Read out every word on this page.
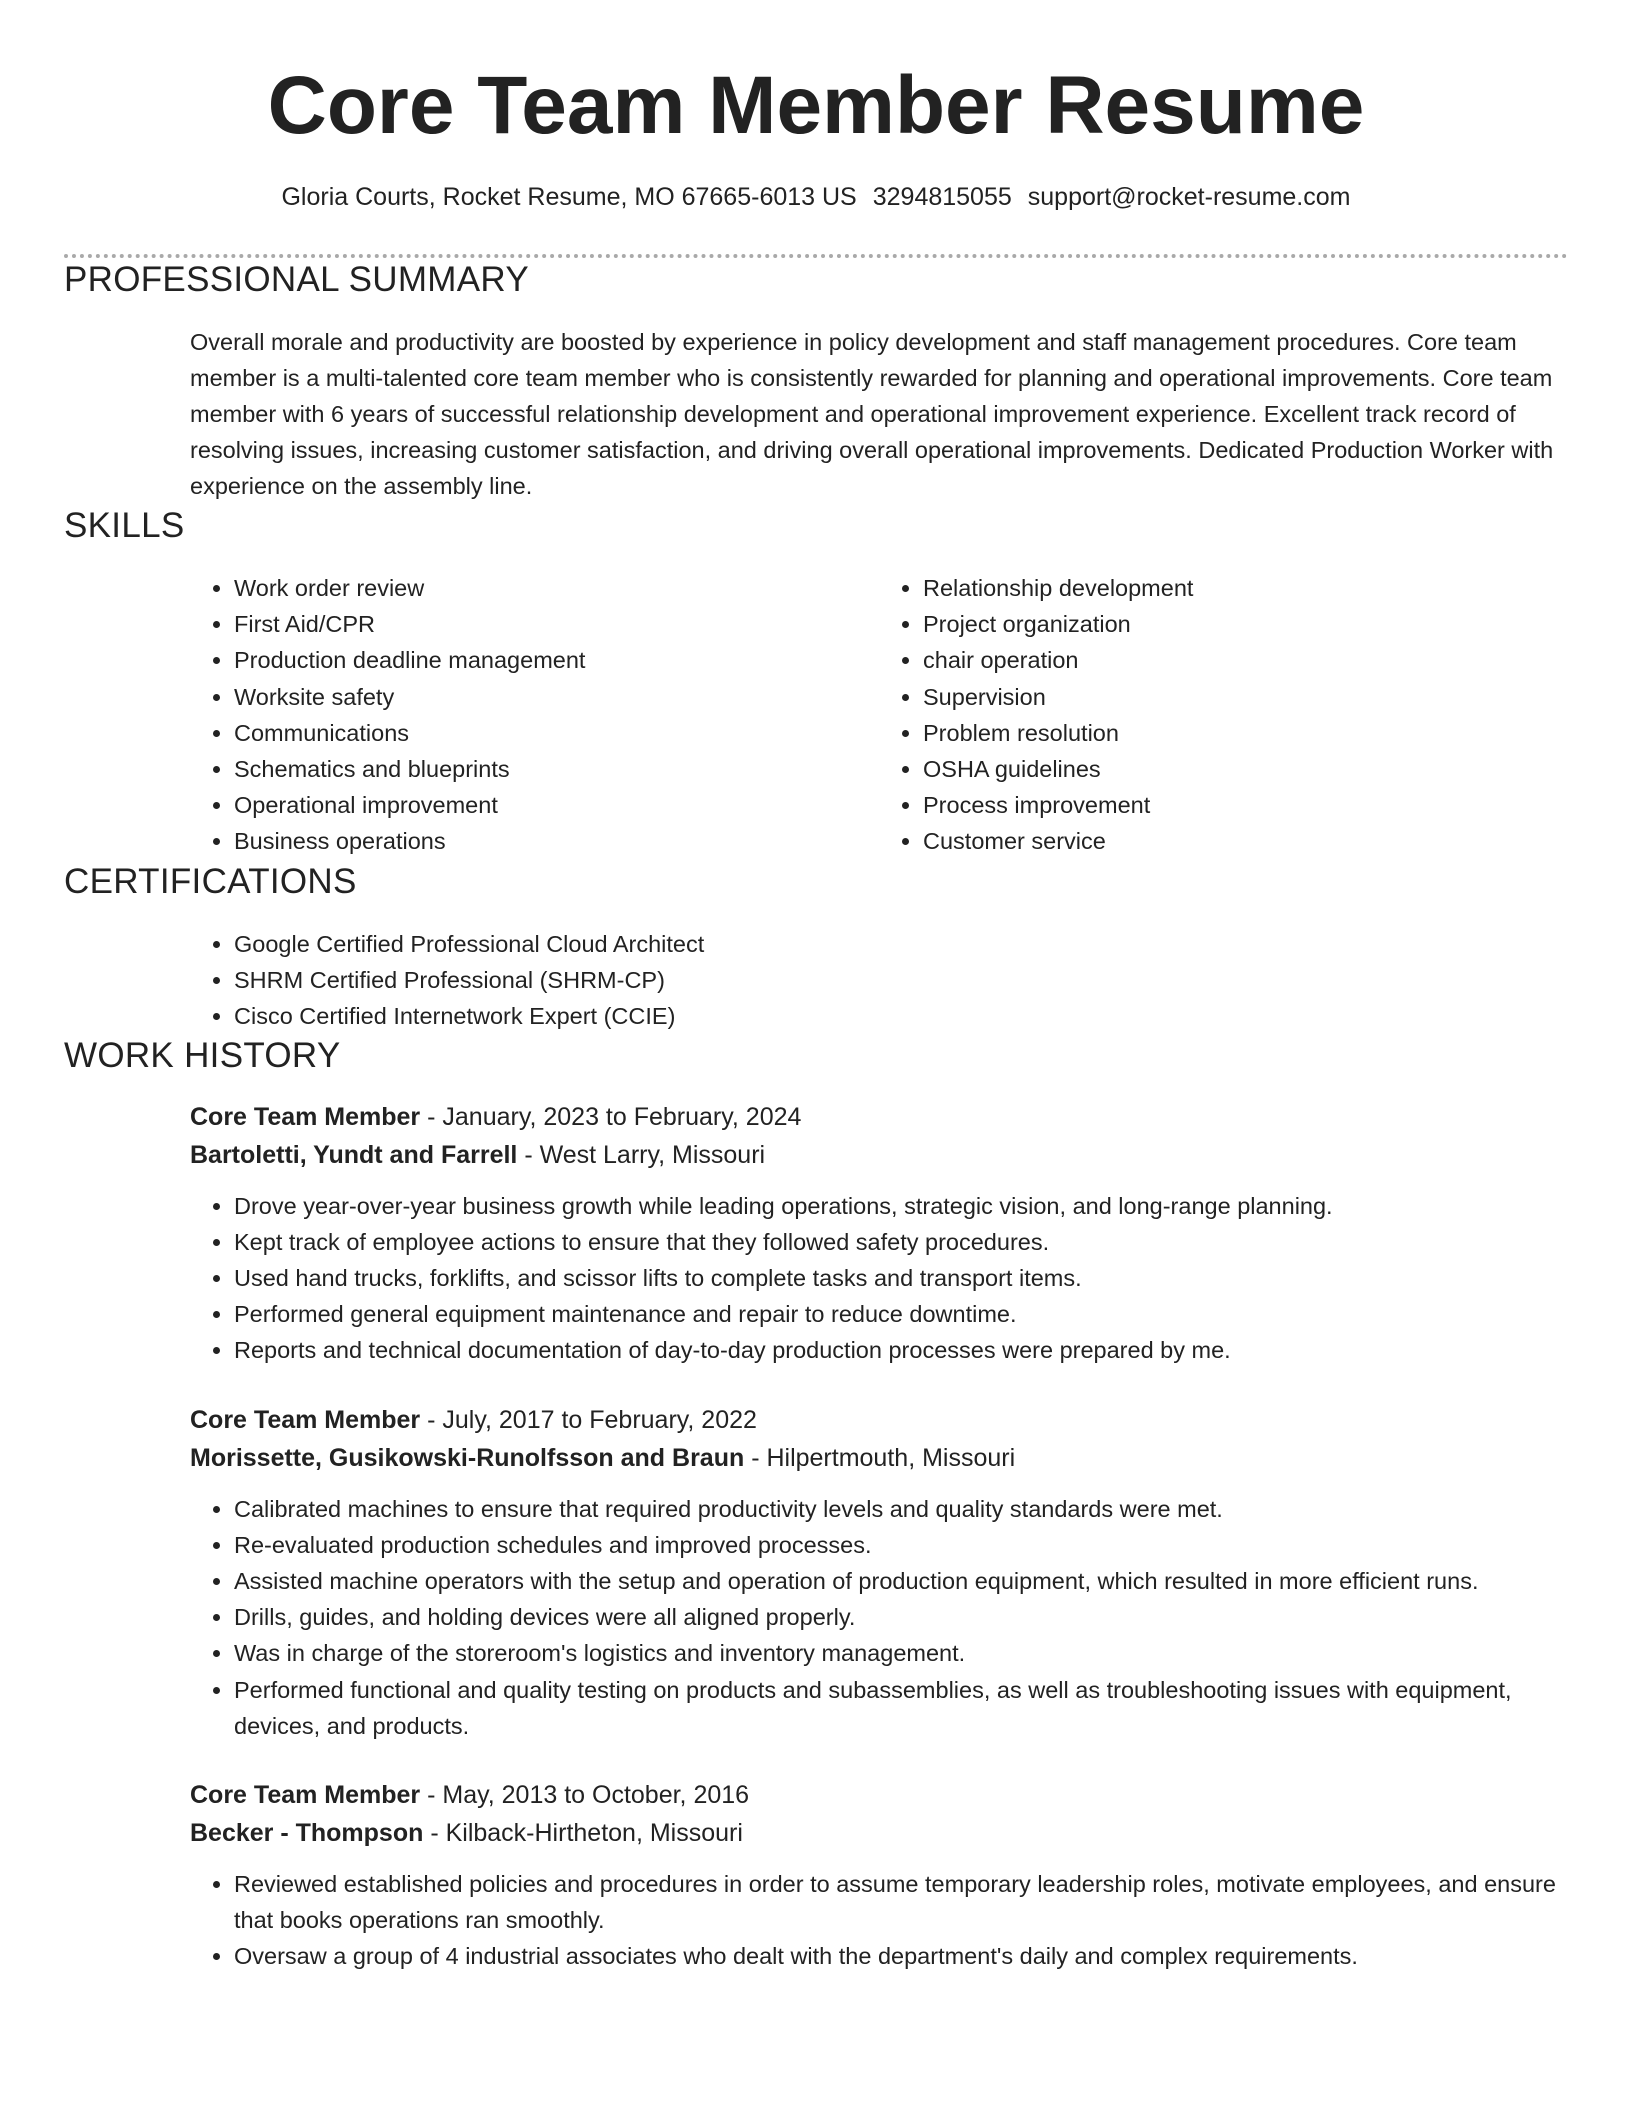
Core Team Member Resume
Gloria Courts, Rocket Resume, MO 67665-6013 US 3294815055 support@rocket-resume.com
PROFESSIONAL SUMMARY

Overall morale and productivity are boosted by experience in policy development and staff management procedures. Core team member is a multi-talented core team member who is consistently rewarded for planning and operational improvements. Core team member with 6 years of successful relationship development and operational improvement experience. Excellent track record of resolving issues, increasing customer satisfaction, and driving overall operational improvements. Dedicated Production Worker with experience on the assembly line.

SKILLS
• Work order review
• First Aid/CPR
• Production deadline management
• Worksite safety
• Communications
• Schematics and blueprints
• Operational improvement
• Business operations
• Relationship development
• Project organization
• chair operation
• Supervision
• Problem resolution
• OSHA guidelines
• Process improvement
• Customer service
CERTIFICATIONS
• Google Certified Professional Cloud Architect
• SHRM Certified Professional (SHRM-CP)
• Cisco Certified Internetwork Expert (CCIE)
WORK HISTORY
Core Team Member - January, 2023 to February, 2024
Bartoletti, Yundt and Farrell - West Larry, Missouri
• Drove year-over-year business growth while leading operations, strategic vision, and long-range planning.
• Kept track of employee actions to ensure that they followed safety procedures.
• Used hand trucks, forklifts, and scissor lifts to complete tasks and transport items.
• Performed general equipment maintenance and repair to reduce downtime.
• Reports and technical documentation of day-to-day production processes were prepared by me.
Core Team Member - July, 2017 to February, 2022
Morissette, Gusikowski-Runolfsson and Braun - Hilpertmouth, Missouri
• Calibrated machines to ensure that required productivity levels and quality standards were met.
• Re-evaluated production schedules and improved processes.
• Assisted machine operators with the setup and operation of production equipment, which resulted in more efficient runs.
• Drills, guides, and holding devices were all aligned properly.
• Was in charge of the storeroom's logistics and inventory management.
• Performed functional and quality testing on products and subassemblies, as well as troubleshooting issues with equipment, devices, and products.
Core Team Member - May, 2013 to October, 2016
Becker - Thompson - Kilback-Hirtheton, Missouri
• Reviewed established policies and procedures in order to assume temporary leadership roles, motivate employees, and ensure that books operations ran smoothly.
• Oversaw a group of 4 industrial associates who dealt with the department's daily and complex requirements.
